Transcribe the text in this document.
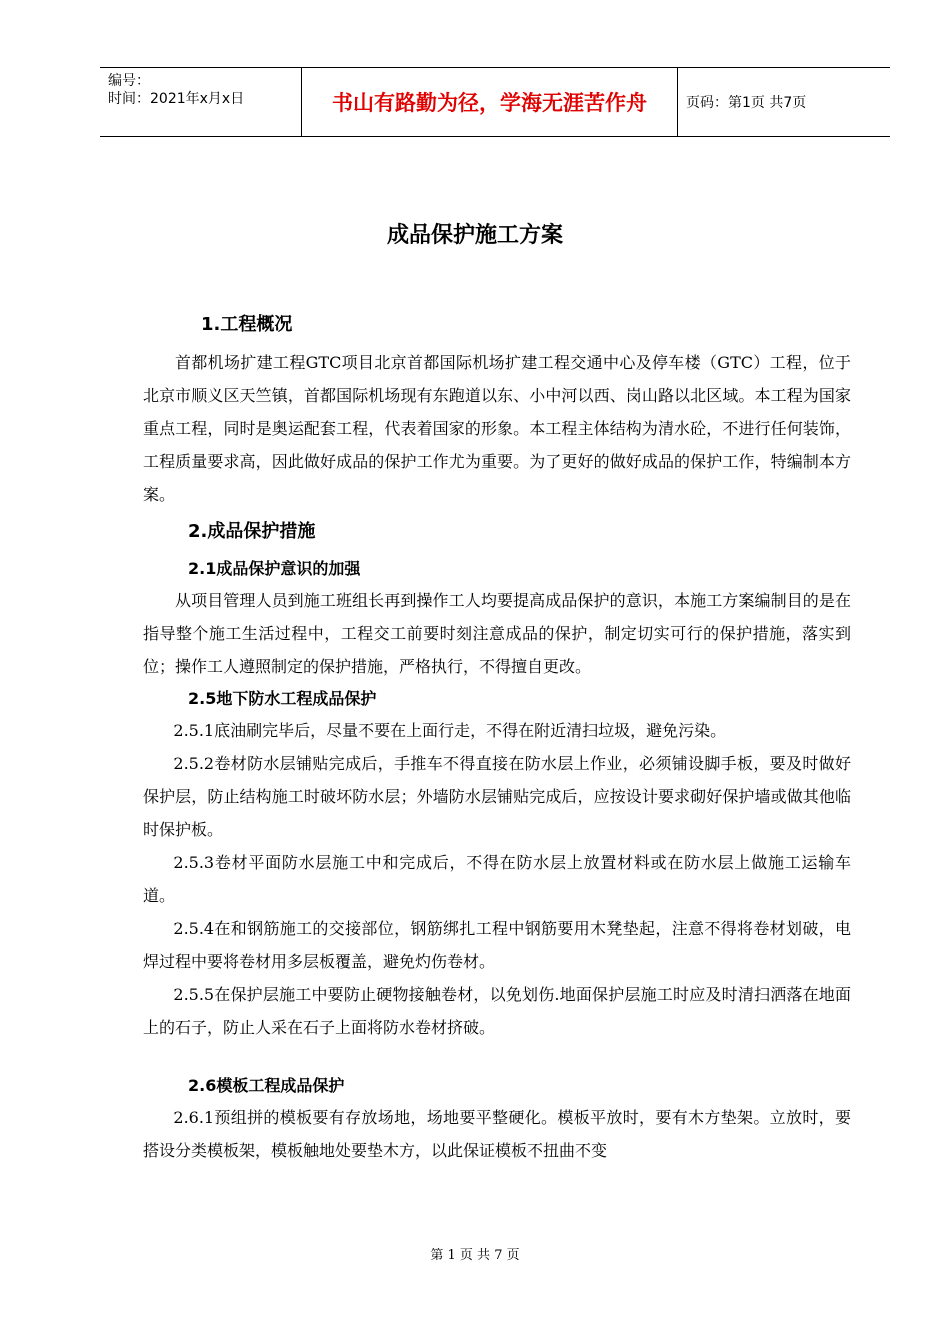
编号：
时间：2021年x月x日	书山有路勤为径，学海无涯苦作舟	页码：第1页 共7页
成品保护施工方案
1.工程概况

首都机场扩建工程GTC项目北京首都国际机场扩建工程交通中心及停车楼（GTC）工程，位于北京市顺义区天竺镇，首都国际机场现有东跑道以东、小中河以西、岗山路以北区域。本工程为国家重点工程，同时是奥运配套工程，代表着国家的形象。本工程主体结构为清水砼，不进行任何装饰，工程质量要求高，因此做好成品的保护工作尤为重要。为了更好的做好成品的保护工作，特编制本方案。

2.成品保护措施
2.1成品保护意识的加强

从项目管理人员到施工班组长再到操作工人均要提高成品保护的意识，本施工方案编制目的是在指导整个施工生活过程中，工程交工前要时刻注意成品的保护，制定切实可行的保护措施，落实到位；操作工人遵照制定的保护措施，严格执行，不得擅自更改。

2.5地下防水工程成品保护

2.5.1底油刷完毕后，尽量不要在上面行走，不得在附近清扫垃圾，避免污染。

2.5.2卷材防水层铺贴完成后，手推车不得直接在防水层上作业，必须铺设脚手板，要及时做好保护层，防止结构施工时破坏防水层；外墙防水层铺贴完成后，应按设计要求砌好保护墙或做其他临时保护板。

2.5.3卷材平面防水层施工中和完成后，不得在防水层上放置材料或在防水层上做施工运输车道。

2.5.4在和钢筋施工的交接部位，钢筋绑扎工程中钢筋要用木凳垫起，注意不得将卷材划破，电焊过程中要将卷材用多层板覆盖，避免灼伤卷材。

2.5.5在保护层施工中要防止硬物接触卷材，以免划伤.地面保护层施工时应及时清扫洒落在地面上的石子，防止人采在石子上面将防水卷材挤破。

2.6模板工程成品保护

2.6.1预组拼的模板要有存放场地，场地要平整硬化。模板平放时，要有木方垫架。立放时，要搭设分类模板架，模板触地处要垫木方，以此保证模板不扭曲不变

第 1 页 共 7 页
